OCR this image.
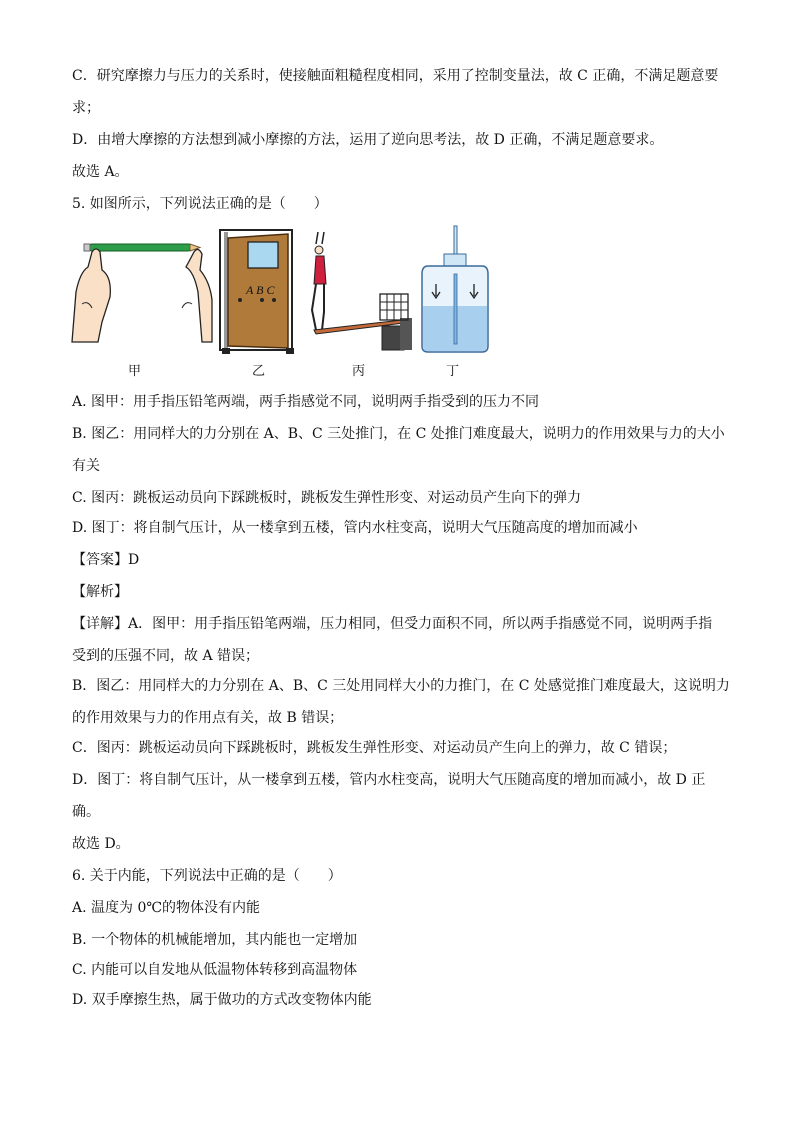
C．研究摩擦力与压力的关系时，使接触面粗糙程度相同，采用了控制变量法，故 C 正确，不满足题意要
求；
D．由增大摩擦的方法想到减小摩擦的方法，运用了逆向思考法，故 D 正确，不满足题意要求。
故选 A。
5. 如图所示，下列说法正确的是（　　）
A. 图甲：用手指压铅笔两端，两手指感觉不同，说明两手指受到的压力不同
B. 图乙：用同样大的力分别在 A、B、C 三处推门，在 C 处推门难度最大，说明力的作用效果与力的大小
有关
C. 图丙：跳板运动员向下踩跳板时，跳板发生弹性形变、对运动员产生向下的弹力
D. 图丁：将自制气压计，从一楼拿到五楼，管内水柱变高，说明大气压随高度的增加而减小
【答案】D
【解析】
【详解】A．图甲：用手指压铅笔两端，压力相同，但受力面积不同，所以两手指感觉不同，说明两手指
受到的压强不同，故 A 错误；
B．图乙：用同样大的力分别在 A、B、C 三处用同样大小的力推门，在 C 处感觉推门难度最大，这说明力
的作用效果与力的作用点有关，故 B 错误；
C．图丙：跳板运动员向下踩跳板时，跳板发生弹性形变、对运动员产生向上的弹力，故 C 错误；
D．图丁：将自制气压计，从一楼拿到五楼，管内水柱变高，说明大气压随高度的增加而减小，故 D 正
确。
故选 D。
6. 关于内能，下列说法中正确的是（　　）
A. 温度为 0℃的物体没有内能
B. 一个物体的机械能增加，其内能也一定增加
C. 内能可以自发地从低温物体转移到高温物体
D. 双手摩擦生热，属于做功的方式改变物体内能
A B C
甲	乙	丙	丁
